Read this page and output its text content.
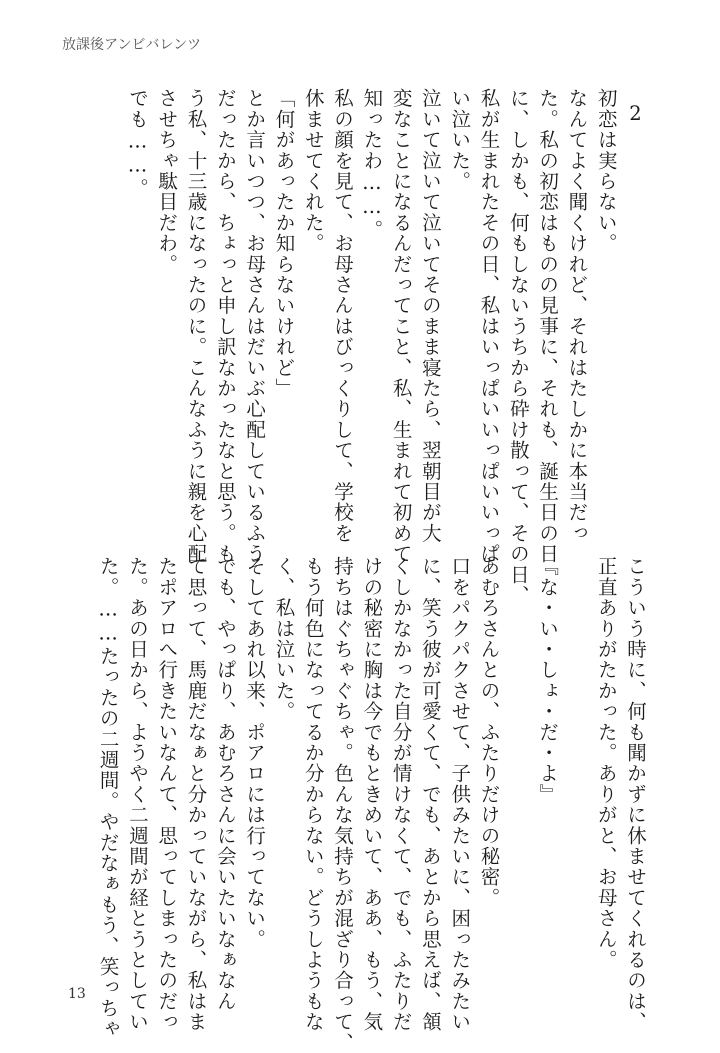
放課後アンビバレンツ
2
初恋は実らない。
なんてよく聞くけれど、それはたしかに本当だっ
た。私の初恋はものの見事に、それも、誕生日の日
に、しかも、何もしないうちから砕け散って、その日、
私が生まれたその日、私はいっぱいいっぱいいっぱ
い泣いた。
泣いて泣いて泣いてそのまま寝たら、翌朝目が大
変なことになるんだってこと、私、生まれて初めて
知ったわ……。
私の顔を見て、お母さんはびっくりして、学校を
休ませてくれた。
「何があったか知らないけれど」
とか言いつつ、お母さんはだいぶ心配しているふう
だったから、ちょっと申し訳なかったなと思う。も
う私、十三歳になったのに。こんなふうに親を心配
させちゃ駄目だわ。
でも……。
こういう時に、何も聞かずに休ませてくれるのは、
正直ありがたかった。ありがと、お母さん。

『な・い・しょ・だ・よ』

あむろさんとの、ふたりだけの秘密。
口をパクパクさせて、子供みたいに、困ったみたい
に、笑う彼が可愛くて、でも、あとから思えば、頷
くしかなかった自分が情けなくて、でも、ふたりだ
けの秘密に胸は今でもときめいて、ああ、もう、気
持ちはぐちゃぐちゃ。色んな気持ちが混ざり合って、
もう何色になってるか分からない。どうしようもな
く、私は泣いた。
そしてあれ以来、ポアロには行ってない。
でも、やっぱり、あむろさんに会いたいなぁなん
て思って、馬鹿だなぁと分かっていながら、私はま
たポアロへ行きたいなんて、思ってしまったのだっ
た。あの日から、ようやく二週間が経とうとしてい
た。……たったの二週間。やだなぁもう、笑っちゃ
13
